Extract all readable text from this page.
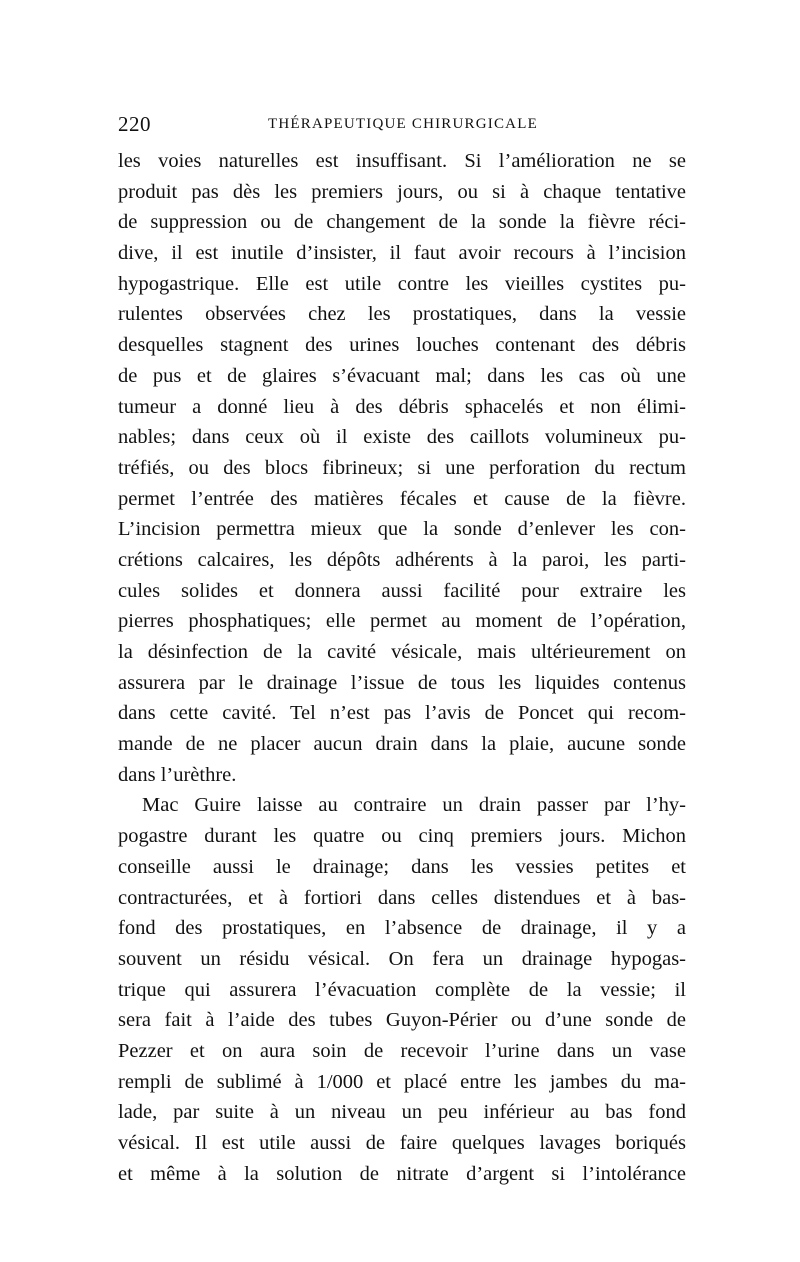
220	THÉRAPEUTIQUE CHIRURGICALE
les voies naturelles est insuffisant. Si l’amélioration ne se
produit pas dès les premiers jours, ou si à chaque tentative
de suppression ou de changement de la sonde la fièvre réci-
dive, il est inutile d’insister, il faut avoir recours à l’incision
hypogastrique. Elle est utile contre les vieilles cystites pu-
rulentes observées chez les prostatiques, dans la vessie
desquelles stagnent des urines louches contenant des débris
de pus et de glaires s’évacuant mal; dans les cas où une
tumeur a donné lieu à des débris sphacelés et non élimi-
nables; dans ceux où il existe des caillots volumineux pu-
tréfiés, ou des blocs fibrineux; si une perforation du rectum
permet l’entrée des matières fécales et cause de la fièvre.
L’incision permettra mieux que la sonde d’enlever les con-
crétions calcaires, les dépôts adhérents à la paroi, les parti-
cules solides et donnera aussi facilité pour extraire les
pierres phosphatiques; elle permet au moment de l’opération,
la désinfection de la cavité vésicale, mais ultérieurement on
assurera par le drainage l’issue de tous les liquides contenus
dans cette cavité. Tel n’est pas l’avis de Poncet qui recom-
mande de ne placer aucun drain dans la plaie, aucune sonde
dans l’urèthre.
Mac Guire laisse au contraire un drain passer par l’hy-
pogastre durant les quatre ou cinq premiers jours. Michon
conseille aussi le drainage; dans les vessies petites et
contracturées, et à fortiori dans celles distendues et à bas-
fond des prostatiques, en l’absence de drainage, il y a
souvent un résidu vésical. On fera un drainage hypogas-
trique qui assurera l’évacuation complète de la vessie; il
sera fait à l’aide des tubes Guyon-Périer ou d’une sonde de
Pezzer et on aura soin de recevoir l’urine dans un vase
rempli de sublimé à 1/000 et placé entre les jambes du ma-
lade, par suite à un niveau un peu inférieur au bas fond
vésical. Il est utile aussi de faire quelques lavages boriqués
et même à la solution de nitrate d’argent si l’intolérance
